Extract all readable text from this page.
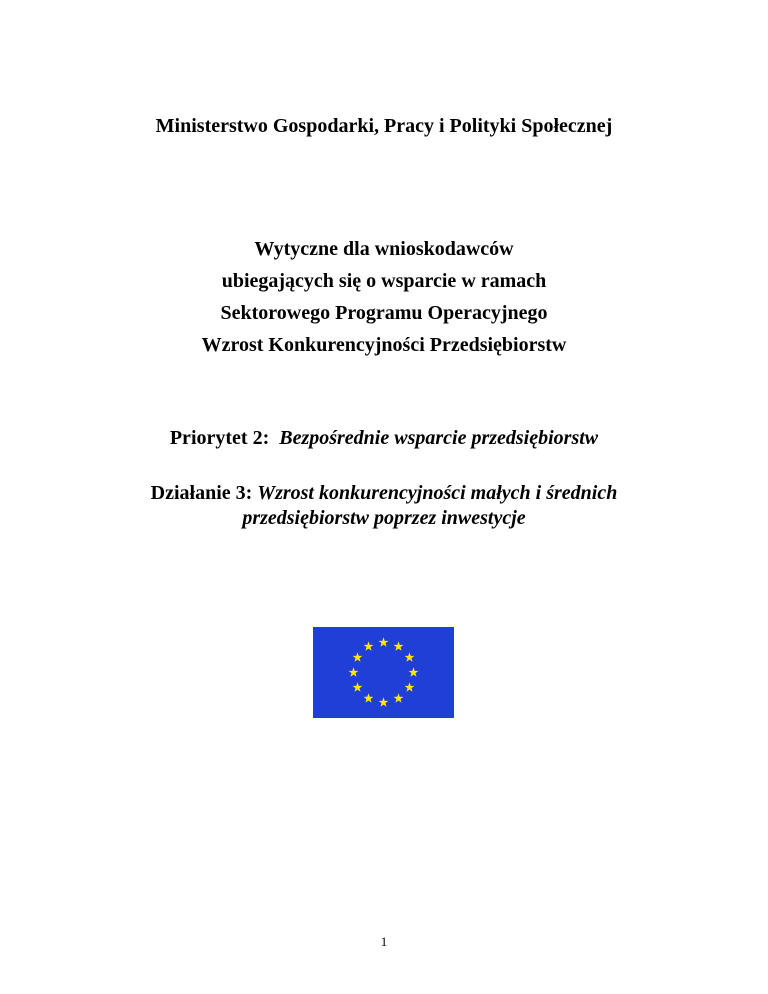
Ministerstwo Gospodarki, Pracy i Polityki Społecznej
Wytyczne dla wnioskodawców
ubiegających się o wsparcie w ramach
Sektorowego Programu Operacyjnego
Wzrost Konkurencyjności Przedsiębiorstw
Priorytet 2: Bezpośrednie wsparcie przedsiębiorstw
Działanie 3: Wzrost konkurencyjności małych i średnich
przedsiębiorstw poprzez inwestycje
1
